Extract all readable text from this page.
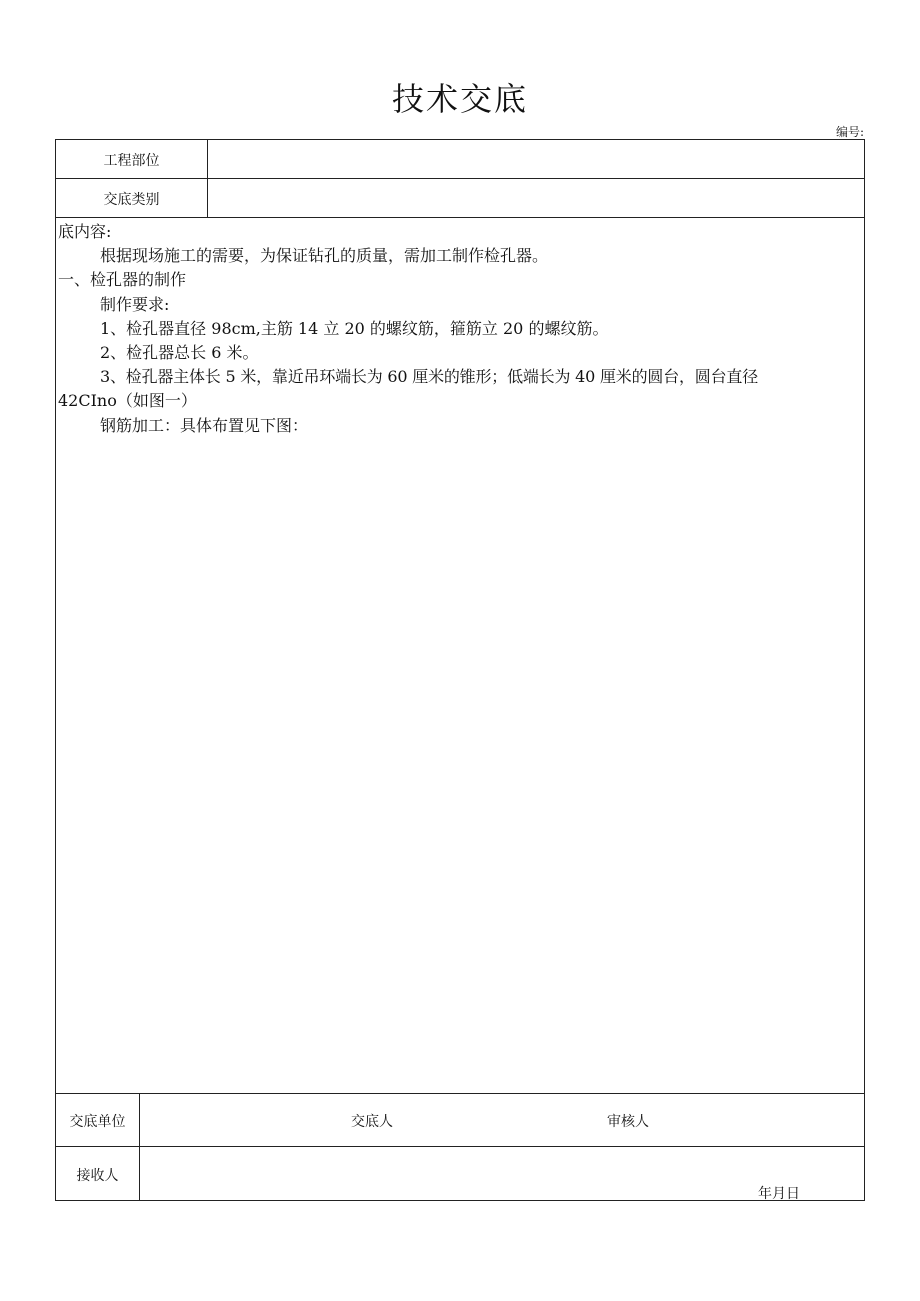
技术交底
编号:
工程部位
交底类别
底内容:
根据现场施工的需要，为保证钻孔的质量，需加工制作检孔器。
一、检孔器的制作
制作要求:
1、检孔器直径 98cm,主筋 14 立 20 的螺纹筋，箍筋立 20 的螺纹筋。
2、检孔器总长 6 米。
3、检孔器主体长 5 米，靠近吊环端长为 60 厘米的锥形；低端长为 40 厘米的圆台，圆台直径
42CIno（如图一）
钢筋加工：具体布置见下图：
交底单位	交底人	审核人
接收人
年月日
